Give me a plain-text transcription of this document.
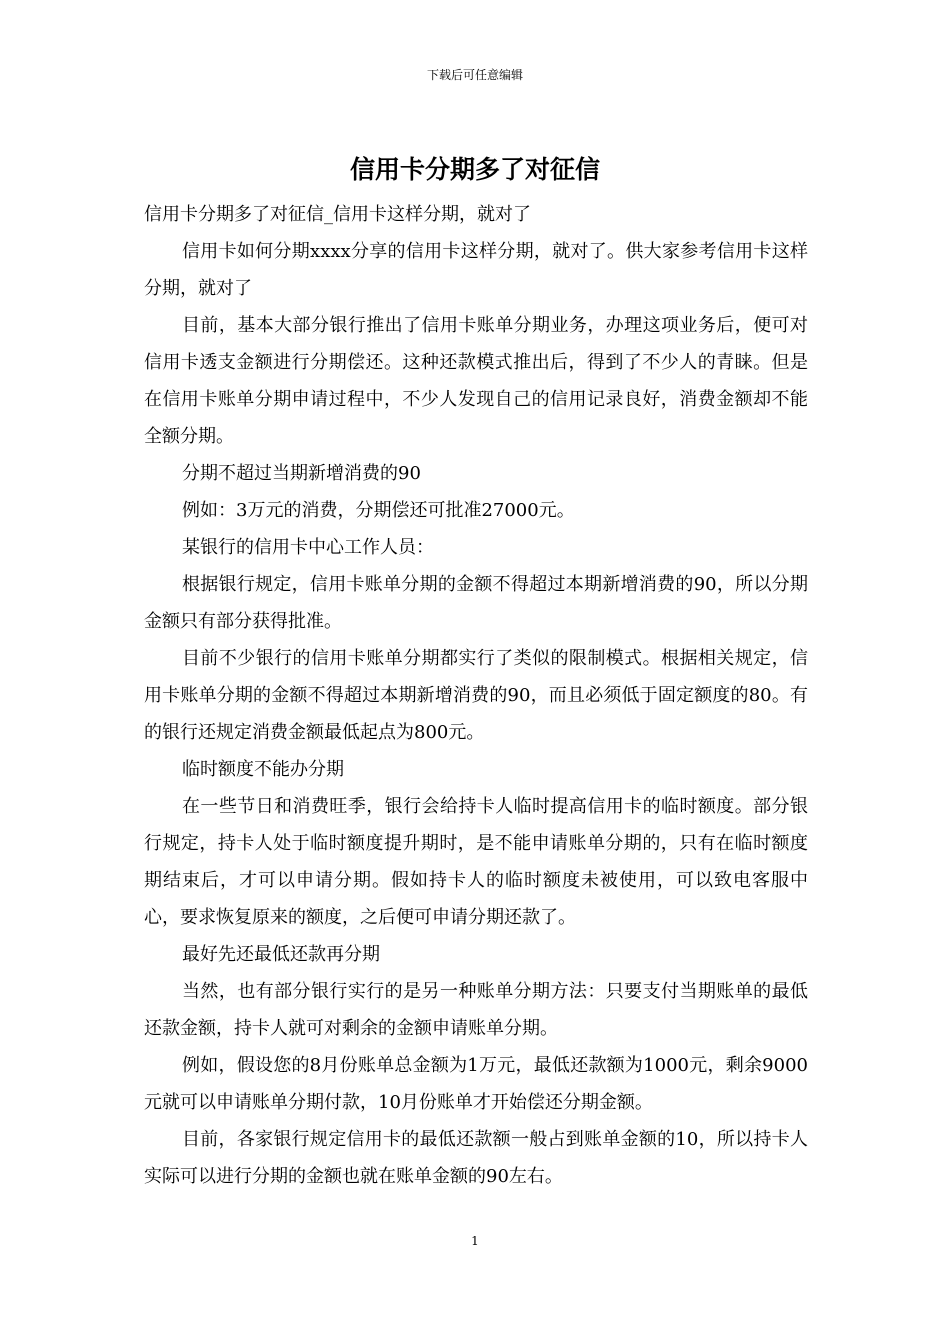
下载后可任意编辑
信用卡分期多了对征信

信用卡分期多了对征信_信用卡这样分期，就对了

信用卡如何分期xxxx分享的信用卡这样分期，就对了。供大家参考信用卡这样分期，就对了

目前，基本大部分银行推出了信用卡账单分期业务，办理这项业务后，便可对信用卡透支金额进行分期偿还。这种还款模式推出后，得到了不少人的青睐。但是在信用卡账单分期申请过程中，不少人发现自己的信用记录良好，消费金额却不能全额分期。

分期不超过当期新增消费的90

例如：3万元的消费，分期偿还可批准27000元。

某银行的信用卡中心工作人员：

根据银行规定，信用卡账单分期的金额不得超过本期新增消费的90，所以分期金额只有部分获得批准。

目前不少银行的信用卡账单分期都实行了类似的限制模式。根据相关规定，信用卡账单分期的金额不得超过本期新增消费的90，而且必须低于固定额度的80。有的银行还规定消费金额最低起点为800元。

临时额度不能办分期

在一些节日和消费旺季，银行会给持卡人临时提高信用卡的临时额度。部分银行规定，持卡人处于临时额度提升期时，是不能申请账单分期的，只有在临时额度期结束后，才可以申请分期。假如持卡人的临时额度未被使用，可以致电客服中心，要求恢复原来的额度，之后便可申请分期还款了。

最好先还最低还款再分期

当然，也有部分银行实行的是另一种账单分期方法：只要支付当期账单的最低还款金额，持卡人就可对剩余的金额申请账单分期。

例如，假设您的8月份账单总金额为1万元，最低还款额为1000元，剩余9000元就可以申请账单分期付款，10月份账单才开始偿还分期金额。

目前，各家银行规定信用卡的最低还款额一般占到账单金额的10，所以持卡人实际可以进行分期的金额也就在账单金额的90左右。

1
